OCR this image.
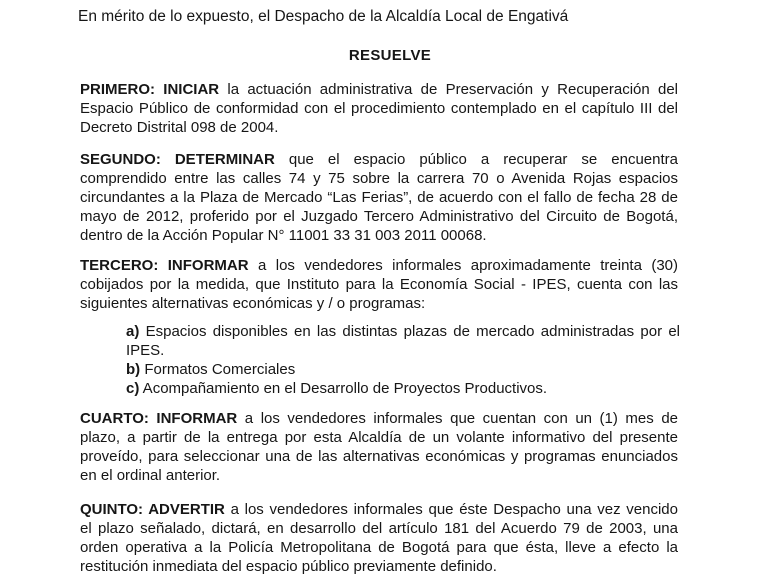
En mérito de lo expuesto, el Despacho de la Alcaldía Local de Engativá
RESUELVE
PRIMERO: INICIAR la actuación administrativa de Preservación y Recuperación del
Espacio Público de conformidad con el procedimiento contemplado en el capítulo III del
Decreto Distrital 098 de 2004.
SEGUNDO: DETERMINAR que el espacio público a recuperar se encuentra
comprendido entre las calles 74 y 75 sobre la carrera 70 o Avenida Rojas espacios
circundantes a la Plaza de Mercado “Las Ferias”, de acuerdo con el fallo de fecha 28 de
mayo de 2012, proferido por el Juzgado Tercero Administrativo del Circuito de Bogotá,
dentro de la Acción Popular N° 11001 33 31 003 2011 00068.
TERCERO: INFORMAR a los vendedores informales aproximadamente treinta (30)
cobijados por la medida, que Instituto para la Economía Social - IPES, cuenta con las
siguientes alternativas económicas y / o programas:
a) Espacios disponibles en las distintas plazas de mercado administradas por el
IPES.
b) Formatos Comerciales
c) Acompañamiento en el Desarrollo de Proyectos Productivos.
CUARTO: INFORMAR a los vendedores informales que cuentan con un (1) mes de
plazo, a partir de la entrega por esta Alcaldía de un volante informativo del presente
proveído, para seleccionar una de las alternativas económicas y programas enunciados
en el ordinal anterior.
QUINTO: ADVERTIR a los vendedores informales que éste Despacho una vez vencido
el plazo señalado, dictará, en desarrollo del artículo 181 del Acuerdo 79 de 2003, una
orden operativa a la Policía Metropolitana de Bogotá para que ésta, lleve a efecto la
restitución inmediata del espacio público previamente definido.
